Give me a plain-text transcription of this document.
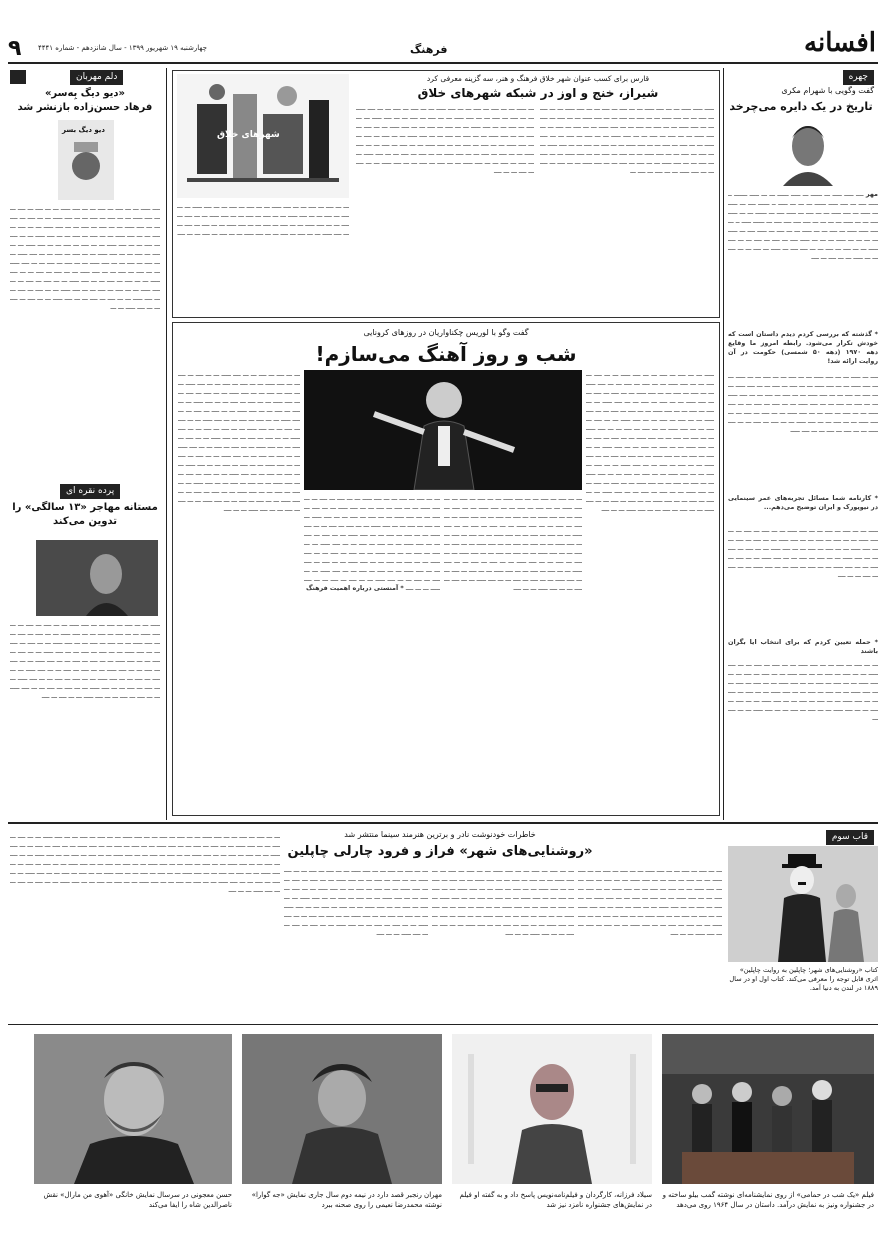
۹ چهارشنبه ۱۹ شهریور ۱۳۹۹ - سال شانزدهم - شماره ۴۴۴۱	فرهنگ	افسانه
چهره
گفت وگویی با شهرام مکری
تاریخ در یک دایره می‌چرخد
مهر ــــ ـــــ ـــــ ـــ ــــــ ـــ ـــــ ــــــ ـــ ـــ ـــــ ـــــــ ــ ـــــ ــــ ـــ ــــ ـــــ ــــــ ـــ ـــ ـــ ـــــ ــ ــــــ ــــ ـــ ـــــ ـــ ـــــ ـــ ــــ ـــــ ـــ ـــ ــــ ـــ ـــــ ــــ ـــ ــــــ ـــ ـــ ـــــ ــــ ـــ ـــ ـــــ ـــ ـــ ـــ ـــ ــــ ــــ ــــ ــــ ـــ ــــــ ـــــ ــ ـــ ــــ ـــــ ـــــ ـــ ــــ ـــ ـــ ـــــ ـــ ـــ ــــ ـــ ـــــ ــــ ـــ ـــــ ـــ ـــ ـــ ـــ ـــــ ـــ ـــ ـــ ـــــ ــــ ـــ ــــ ـــ ــــ ـــ ـــ ــــ ـــــ ـــ ـــ ــــ ـــ ــــ ـــ ـــ ــــ ــــ ـــ ـــــ ـــ ــــ ـــ ـــ ــــ ـــ ـــ ـــــ ـــ ـــ ــــ ـــ ــــ
* گذشته که بررسی کردم دیدم داستان است که خودش تکرار می‌شود. رابطه امروز ما وقایع دهه ۱۹۷۰ (دهه ۵۰ شمسی) حکومت در آن روایت ارائه شد!
ــــ ـــ ـــــ ـــ ـــ ــــ ـــــ ـــ ـــ ــــ ـــ ـــ ــــ ـــ ـــ ـــــ ـــ ـــ ــــ ـــــ ـــ ـــ ــــ ـــــ ـــ ـــ ــــ ـــ ــــ ـــ ـــ ــــ ـــــ ـــ ـــ ــــ ـــ ــــ ـــ ـــ ــــ ـــــ ـــ ـــ ــــ ـــ ــــ ـــ ـــ ــــ ـــــ ـــ ـــ ــــ ـــ ــــ ـــ ـــ ــــ ـــــ ـــ ـــ ــــ ـــ ــــ ـــ ـــ ــــ ـــــ ـــ ـــ ــــ ـــ ــــ ـــ ـــ ــــ ـــــ ـــ ـــ ــــ ـــ ــــ ـــ ـــ ــــ ـــــ ـــ ـــ ــــ ـــ ـــ ــــ ـــــ ـــ ـــ ــــ ـــ ــــ ـــ ـــ ــــ ـــــ ـــ ـــ ــــ ـــ ــــ ـــ ـــ ــــ ـــــ
* کارنامه شما مسائل تجربه‌های عمر سینمایی در نیویورک و ایران توضیح می‌دهم...
ـــــ ـــ ـــ ــــ ـــ ــــ ـــ ـــ ــــ ـــــ ـــ ـــ ــــ ـــ ــــ ـــ ـــ ــــ ـــــ ـــ ـــ ــــ ـــ ــــ ـــ ـــ ــــ ـــــ ـــ ـــ ــــ ـــ ــــ ـــ ـــ ــــ ـــــ ـــ ـــ ــــ ـــ ــــ ـــ ـــ ــــ ـــــ ـــ ـــ ــــ ـــ ــــ ـــ ـــ ــــ ـــــ ـــ ـــ ــــ ـــ ــــ ـــ ـــ ــــ ـــــ ـــ ـــ ــــ ـــ ــــ ـــ ـــ ــــ ـــــ ـــ ـــ ــــ ـــ ــــ ـــ ـــ ــــ ـــــ ـــ ـــ ــــ ـــ ــــ ـــ ـــ ــــ
* حمله تعیین کردم که برای انتخاب ایا بگران باشند
ـــ ـــ ــــ ـــ ــــ ـــ ـــ ــــ ـــــ ـــ ـــ ــــ ـــ ــــ ـــ ـــ ــــ ـــــ ـــ ـــ ــــ ـــ ــــ ـــ ـــ ــــ ـــــ ـــ ـــ ــــ ـــ ــــ ـــ ـــ ــــ ـــــ ـــ ـــ ــــ ـــ ــــ ـــ ـــ ــــ ـــــ ـــ ـــ ــــ ـــ ــــ ـــ ـــ ــــ ـــــ ـــ ـــ ــــ ـــ ــــ ـــ ـــ ــــ ـــــ ـــ ـــ ــــ ـــ ــــ ـــ ـــ ــــ ـــــ ـــ ـــ ــــ ـــ ــــ ـــ ـــ ــــ ـــــ ـــ ـــ ــــ ـــ ــــ ـــ ـــ ــــ ـــــ ـــ ـــ ــــ ـــ ــــ ـــ ـــ ــــ ـــــ ـــ ـــ ــــ ـــ
قارس برای کسب عنوان شهر خلاق فرهنگ و هنر، سه گزینه معرفی کرد
شیراز، خنج و اوز در شبکه شهرهای خلاق
شهرهای خلاق
ـــــ ـــــ ـــــ ـــ ـــ ــــ ـــــ ـــ ـــ ــــ ـــ ــــ ـــ ـــ ــــ ـــــ ـــ ـــ ــــ ـــ ــــ ـــ ـــ ــــ ـــــ ـــ ـــ ــــ ـــ ــــ ـــ ـــ ــــ ـــــ ـــ ـــ ــــ ـــ ــــ ـــ ـــ ــــ ـــــ ـــ ـــ ــــ ـــ ــــ ـــ ـــ ــــ ـــــ ـــ ـــ ــــ ـــ ــــ ـــ ـــ ــــ ـــــ ـــ ـــ ــــ ـــ ــــ ـــ ـــ ــــ ـــــ ـــ ـــ ــــ ـــ ــــ ـــ ـــ ــــ ـــــ ـــ ـــ ــــ ـــ ــــ ـــ ـــ ــــ ـــــ ـــ ـــ ــــ ـــ ــــ ـــ ـــ ــــ ـــــ ـــ ـــ ــــ ـــ ــــ ـــ ـــ ــــ ـــــ ـــ ـــ ــــ ـــ ــــ ـــ ـــ ــــ ـــــ ـــ ـــ ــــ ـــ ــــ ـــ ـــ ــــ ـــــ ـــ ـــ ــــ ـــ ــــ ـــ ـــ ــــ ـــــ ـــ ـــ ــــ ـــ ــــ ـــ ـــ ــــ ـــــ ـــ ـــ ــــ ـــ ــــ ـــ
ـــ ـــــ ـــ ـــ ــــ ـــ ــــ ـــ ـــ ــــ ـــــ ـــ ـــ ــــ ـــ ــــ ـــ ـــ ــــ ـــــ ـــ ـــ ــــ ـــ ــــ ـــ ـــ ــــ ـــــ ـــ ـــ ــــ ـــ ــــ ـــ ـــ ــــ ـــــ ـــ ـــ ــــ ـــ ــــ ـــ ـــ ــــ ـــــ ـــ ـــ ــــ ـــ ــــ ـــ ـــ ــــ ـــــ ـــ ـــ ــــ ـــ ــــ ـــ ـــ ــــ ـــــ ـــ ـــ ــــ ـــ ــــ ـــ ـــ ــــ ـــــ ـــ ـــ ــــ ـــ ــــ ـــ ـــ ــــ ـــــ ـــ ـــ ــــ ـــ ــــ ـــ ـــ ــــ ـــــ ـــ ـــ ــــ ـــ ــــ ـــ ـــ ــــ ـــــ ـــ ـــ ــــ ـــ ــــ ـــ ـــ ــــ ـــــ ـــ ـــ ــــ ـــ ــــ ـــ ـــ ــــ ـــــ ـــ ـــ ــــ ـــ ــــ ـــ ـــ ــــ ـــــ ـــ ـــ ــــ ـــ ــــ ـــ ـــ ــــ ـــــ ـــ ـــ ــــ ـــ ــــ ـــ ـــ ــــ
ـــ ـــ ــــ ـــ ــــ ـــ ـــ ــــ ـــــ ـــ ـــ ــــ ـــ ــــ ـــ ـــ ــــ ـــــ ـــ ـــ ــــ ـــ ــــ ـــ ـــ ــــ ـــــ ـــ ـــ ــــ ـــ ــــ ـــ ـــ ــــ ـــــ ـــ ـــ ــــ ـــ ــــ ـــ ـــ ــــ ـــــ ـــ ـــ ــــ ـــ ــــ ـــ ـــ ــــ ـــــ ـــ ـــ ــــ ـــ ــــ ـــ ـــ ــــ ـــــ ـــ ـــ ــــ ـــ ــــ ـــ ـــ ــــ ـــــ ـــ ـــ ــــ ـــ ــــ ـــ ـــ ــــ
دلم مهربان
«دیو دیگ بِه‌سر»
فرهاد حسن‌زاده بازنشر شد
دیو دیگ بسر
ــــ ـــــ ـــ ـــ ــــ ـــ ــــ ـــ ـــ ــــ ـــــ ـــ ـــ ــــ ـــ ــــ ـــ ـــ ــــ ـــــ ـــ ـــ ــــ ـــ ــــ ـــ ـــ ــــ ـــــ ـــ ـــ ــــ ـــ ــــ ـــ ـــ ــــ ـــــ ـــ ـــ ــــ ـــ ــــ ـــ ـــ ــــ ـــــ ـــ ـــ ــــ ـــ ــــ ـــ ـــ ــــ ـــــ ـــ ـــ ــــ ـــ ــــ ـــ ـــ ــــ ـــــ ـــ ـــ ــــ ـــ ــــ ـــ ـــ ــــ ـــــ ـــ ـــ ــــ ـــ ــــ ـــ ـــ ــــ ـــــ ـــ ـــ ــــ ـــ ــــ ـــ ـــ ــــ ـــــ ـــ ـــ ــــ ـــ ــــ ـــ ـــ ــــ ـــــ ـــ ـــ ــــ ـــ ــــ ـــ ـــ ــــ ـــــ ـــ ـــ ــــ ـــ ــــ ـــ ـــ ــــ ـــــ ـــ ـــ ــــ ـــ ــــ ـــ ـــ ــــ ـــــ ـــ ـــ ــــ ـــ ــــ ـــ ـــ ــــ ـــــ ـــ ـــ ــــ ـــ ــــ ـــ ـــ ــــ ـــــ ـــ ـــ ــــ ـــ ــــ ـــ ـــ ــــ ـــــ ـــ ـــ ــــ ـــ ــــ ـــ ـــ ــــ ـــــ ـــ ـــ ــــ ـــ ــــ ـــ ـــ ــــ ـــــ ـــ ـــ ــــ ـــ ــــ ـــ ـــ ــــ ـــــ ـــ ـــ ــــ ـــ ــــ ـــ ـــ ــــ ـــــ ـــ ـــ
پرده نقره ای
مستانه مهاجر «۱۳ سالگی» را
تدوین می‌کند
ـــــ ـــ ـــ ــــ ـــ ــــ ـــ ـــ ــــ ـــــ ـــ ـــ ــــ ـــ ــــ ـــ ـــ ــــ ـــــ ـــ ـــ ــــ ـــ ــــ ـــ ـــ ــــ ـــــ ـــ ـــ ــــ ـــ ــــ ـــ ـــ ــــ ـــــ ـــ ـــ ــــ ـــ ــــ ـــ ـــ ــــ ـــــ ـــ ـــ ــــ ـــ ــــ ـــ ـــ ــــ ـــــ ـــ ـــ ــــ ـــ ــــ ـــ ـــ ــــ ـــــ ـــ ـــ ــــ ـــ ــــ ـــ ـــ ــــ ـــــ ـــ ـــ ــــ ـــ ــــ ـــ ـــ ــــ ـــــ ـــ ـــ ــــ ـــ ــــ ـــ ـــ ــــ ـــــ ـــ ـــ ــــ ـــ ــــ ـــ ـــ ــــ ـــــ ـــ ـــ ــــ ـــ ــــ ـــ ـــ ــــ ـــــ ـــ ـــ ــــ ـــ ــــ ـــ ـــ ــــ ـــــ ـــ ـــ ــــ ـــ ــــ ـــ ـــ ــــ ـــــ ـــ ـــ ــــ ـــ ــــ ـــ ـــ ــــ ـــــ ـــ ـــ ــــ ـــ ــــ ـــ ـــ ــــ ـــــ ـــ ـــ ــــ ـــ ــــ
گفت وگو با لوریس چکناواریان در روزهای کرونایی
شب و روز آهنگ می‌سازم!
ـــــ ـــ ـــ ــــ ـــ ــــ ـــ ـــ ــــ ـــــ ـــ ـــ ــــ ـــ ــــ ـــ ـــ ــــ ـــــ ـــ ـــ ــــ ـــ ــــ ـــ ـــ ــــ ـــــ ـــ ـــ ــــ ـــ ــــ ـــ ـــ ــــ ـــــ ـــ ـــ ــــ ـــ ــــ ـــ ـــ ــــ ـــــ ـــ ـــ ــــ ـــ ــــ ـــ ـــ ــــ ـــــ ـــ ـــ ــــ ـــ ــــ ـــ ـــ ــــ ـــــ ـــ ـــ ــــ ـــ ــــ ـــ ـــ ــــ ـــــ ـــ ـــ ــــ ـــ ــــ ـــ ـــ ــــ ـــــ ـــ ـــ ــــ ـــ ــــ ـــ ـــ ــــ ـــــ ـــ ـــ ــــ ـــ ــــ ـــ ـــ ــــ ـــــ ـــ ـــ ــــ ـــ ــــ ـــ ـــ ــــ ـــــ ـــ ـــ ــــ ـــ ــــ ـــ ـــ ــــ ـــــ ـــ ـــ ــــ ـــ ــــ ـــ ـــ ــــ ـــــ ـــ ـــ ــــ ـــ ــــ ـــ ـــ ــــ ـــــ ـــ ـــ ــــ ـــ ــــ ـــ ـــ ــــ ـــــ ـــ ـــ ــــ ـــ ــــ ـــ ـــ ــــ ـــــ ـــ ـــ ــــ ـــ ــــ ـــ ـــ ــــ ـــــ ـــ ـــ ــــ ـــ ــــ ـــ ـــ ــــ ـــــ ـــ ـــ ــــ ـــ ــــ ـــ ـــ ــــ ـــــ ـــ ـــ ــــ ـــ ــــ ـــ ـــ ــــ ـــــ ـــ ـــ ــــ ـــ ــــ ـــ ـــ ــــ ـــــ ـــ ـــ ــــ ـــ ــــ ـــ ـــ ــــ ـــــ ـــ ـــ ــــ ـــ ــــ ـــ ـــ ــــ ـــــ ـــ ـــ ــــ ـــ ــــ ـــ ـــ ــــ ـــــ ـــ ـــ ــــ
ـــ ـــ ــــ ـــ ــــ ـــ ـــ ــــ ـــــ ـــ ـــ ــــ ـــ ــــ ـــ ـــ ــــ ـــــ ـــ ـــ ــــ ـــ ــــ ـــ ـــ ــــ ـــــ ـــ ـــ ــــ ـــ ــــ ـــ ـــ ــــ ـــــ ـــ ـــ ــــ ـــ ــــ ـــ ـــ ــــ ـــــ ـــ ـــ ــــ ـــ ــــ ـــ ـــ ــــ ـــــ ـــ ـــ ــــ ـــ ــــ ـــ ـــ ــــ ـــــ ـــ ـــ ــــ ـــ ــــ ـــ ـــ ــــ ـــــ ـــ ـــ ــــ ـــ ــــ ـــ ـــ ــــ ـــــ ـــ ـــ ــــ ـــ ــــ ـــ ـــ ــــ ـــــ ـــ ـــ ــــ ـــ ــــ ـــ ـــ ــــ ـــــ ـــ ـــ ــــ ـــ ــــ ـــ ـــ ــــ ـــــ ـــ ـــ ــــ ـــ ــــ ـــ ـــ ــــ ـــــ ـــ ـــ ــــ ـــ ــــ ـــ ـــ ــــ ـــــ ـــ ـــ ــــ ـــ ــــ ـــ ـــ ــــ ـــــ ـــ ـــ ــــ ـــ ــــ ـــ ـــ ــــ ـــــ ـــ ـــ ــــ ـــ ــــ ـــ ـــ ــــ ـــــ ـــ ـــ ــــ ـــ ــــ ـــ ـــ ــــ ـــــ ـــ ـــ ــــ ـــ ــــ ـــ ـــ ــــ ـــــ ـــ ـــ ــــ ـــ ــــ ـــ ـــ ــــ ـــــ ـــ ـــ ــــ ـــ ــــ ـــ ـــ ــــ ـــــ ـــ ـــ ــــ ـــ ــــ ـــ ـــ ــــ ـــــ ـــ ـــ ــــ ـــ ــــ ـــ ـــ ــــ ـــــ ـــ ـــ ــــ ـــ ــــ ـــ ـــ ــــ ـــــ ـــ ـــ ــــ
ـــ ـــ ــــ ـــ ــــ ـــ ـــ ــــ ـــــ ـــ ـــ ــــ ـــ ــــ ـــ ـــ ــــ ـــــ ـــ ـــ ــــ ـــ ــــ ـــ ـــ ــــ ـــــ ـــ ـــ ــــ ـــ ــــ ـــ ـــ ــــ ـــــ ـــ ـــ ــــ ـــ ــــ ـــ ـــ ــــ ـــــ ـــ ـــ ــــ ـــ ــــ ـــ ـــ ــــ ـــــ ـــ ـــ ــــ ـــ ــــ ـــ ـــ ــــ ـــــ ـــ ـــ ــــ ـــ ــــ ـــ ـــ ــــ ـــــ ـــ ـــ ــــ ـــ ــــ ـــ ـــ ــــ ـــــ ـــ ـــ ــــ ـــ ــــ ـــ ـــ ــــ ـــــ ـــ ـــ ــــ ـــ ــــ ـــ ـــ ــــ ـــــ ـــ ـــ ــــ ـــ ــــ ـــ ـــ ــــ ـــــ ـــ ـــ ــــ ـــ ــــ ـــ ـــ ــــ ـــــ ـــ ـــ ــــ ـــ ــــ ـــ ـــ ــــ ـــــ ـــ ـــ ــــ ـــ ــــ ـــ ـــ ــــ ـــــ ـــ ـــ ــــ ـــ ــــ ـــ ـــ ــــ ـــــ ـــ ـــ ــــ ـــ ــــ ـــ ـــ ــــ ـــــ ـــ ـــ ــــ * آمنستی درباره اهمیت فرهنگ
ـــ ـــ ــــ ـــ ــــ ـــ ـــ ــــ ـــــ ـــ ـــ ــــ ـــ ــــ ـــ ـــ ــــ ـــــ ـــ ـــ ــــ ـــ ــــ ـــ ـــ ــــ ـــــ ـــ ـــ ــــ ـــ ــــ ـــ ـــ ــــ ـــــ ـــ ـــ ــــ ـــ ــــ ـــ ـــ ــــ ـــــ ـــ ـــ ــــ ـــ ــــ ـــ ـــ ــــ ـــــ ـــ ـــ ــــ ـــ ــــ ـــ ـــ ــــ ـــــ ـــ ـــ ــــ ـــ ــــ ـــ ـــ ــــ ـــــ ـــ ـــ ــــ ـــ ــــ ـــ ـــ ــــ ـــــ ـــ ـــ ــــ ـــ ــــ ـــ ـــ ــــ ـــــ ـــ ـــ ــــ ـــ ــــ ـــ ـــ ــــ ـــــ ـــ ـــ ــــ ـــ ــــ ـــ ـــ ــــ ـــــ ـــ ـــ ــــ ـــ ــــ ـــ ـــ ــــ ـــــ ـــ ـــ ــــ ـــ ــــ ـــ ـــ ــــ ـــــ ـــ ـــ ــــ ـــ ــــ ـــ ـــ ــــ ـــــ ـــ ـــ ــــ ـــ ــــ ـــ ـــ ــــ ـــــ ـــ ـــ ــــ ـــ ــــ ـــ ـــ ــــ ـــــ ـــ ـــ ــــ ـــ ــــ ـــ ـــ ــــ ـــــ ـــ ـــ ــــ
قاب سوم
خاطرات خودنوشت نادر و برترین هنرمند سینما منتشر شد
«روشنایی‌های شهر» فراز و فرود چارلی چاپلین
کتاب «روشنایی‌های شهر؛ چاپلین به روایت چاپلین» اثری قابل توجه را معرفی می‌کند. کتاب اول او در سال ۱۸۸۹ در لندن به دنیا آمد.
ـــ ـــ ــــ ـــ ــــ ـــ ـــ ــــ ـــــ ـــ ـــ ــــ ـــ ــــ ـــ ـــ ــــ ـــــ ـــ ـــ ــــ ـــ ــــ ـــ ـــ ــــ ـــــ ـــ ـــ ــــ ـــ ــــ ـــ ـــ ــــ ـــــ ـــ ـــ ــــ ـــ ــــ ـــ ـــ ــــ ـــــ ـــ ـــ ــــ ـــ ــــ ـــ ـــ ــــ ـــــ ـــ ـــ ــــ ـــ ــــ ـــ ـــ ــــ ـــــ ـــ ـــ ــــ ـــ ــــ ـــ ـــ ــــ ـــــ ـــ ـــ ــــ ـــ ــــ ـــ ـــ ــــ ـــــ ـــ ـــ ــــ ـــ ــــ ـــ ـــ ــــ ـــــ ـــ ـــ ــــ ـــ ــــ ـــ ـــ ــــ ـــــ ـــ ـــ ــــ ـــ ــــ ـــ ـــ ــــ ـــــ ـــ ـــ ــــ ـــ ــــ ـــ ـــ ــــ ـــــ ـــ ـــ ــــ
ـــ ـــ ــــ ـــ ــــ ـــ ـــ ــــ ـــــ ـــ ـــ ــــ ـــ ــــ ـــ ـــ ــــ ـــــ ـــ ـــ ــــ ـــ ــــ ـــ ـــ ــــ ـــــ ـــ ـــ ــــ ـــ ــــ ـــ ـــ ــــ ـــــ ـــ ـــ ــــ ـــ ــــ ـــ ـــ ــــ ـــــ ـــ ـــ ــــ ـــ ــــ ـــ ـــ ــــ ـــــ ـــ ـــ ــــ ـــ ــــ ـــ ـــ ــــ ـــــ ـــ ـــ ــــ ـــ ــــ ـــ ـــ ــــ ـــــ ـــ ـــ ــــ ـــ ــــ ـــ ـــ ــــ ـــــ ـــ ـــ ــــ ـــ ــــ ـــ ـــ ــــ ـــــ ـــ ـــ ــــ ـــ ــــ ـــ ـــ ــــ ـــــ ـــ ـــ ــــ ـــ ــــ ـــ ـــ ــــ ـــــ ـــ ـــ ــــ ـــ ــــ ـــ ـــ ــــ ـــــ ـــ ـــ ــــ
ـــ ـــ ــــ ـــ ــــ ـــ ـــ ــــ ـــــ ـــ ـــ ــــ ـــ ــــ ـــ ـــ ــــ ـــــ ـــ ـــ ــــ ـــ ــــ ـــ ـــ ــــ ـــــ ـــ ـــ ــــ ـــ ــــ ـــ ـــ ــــ ـــــ ـــ ـــ ــــ ـــ ــــ ـــ ـــ ــــ ـــــ ـــ ـــ ــــ ـــ ــــ ـــ ـــ ــــ ـــــ ـــ ـــ ــــ ـــ ــــ ـــ ـــ ــــ ـــــ ـــ ـــ ــــ ـــ ــــ ـــ ـــ ــــ ـــــ ـــ ـــ ــــ ـــ ــــ ـــ ـــ ــــ ـــــ ـــ ـــ ــــ ـــ ــــ ـــ ـــ ــــ ـــــ ـــ ـــ ــــ ـــ ــــ ـــ ـــ ــــ ـــــ ـــ ـــ ــــ ـــ ــــ ـــ ـــ ــــ ـــــ ـــ ـــ ــــ ـــ ــــ ـــ ـــ ــــ ـــــ ـــ ـــ ــــ
ـــ ـــ ــــ ـــ ــــ ـــ ـــ ــــ ـــــ ـــ ـــ ــــ ـــ ــــ ـــ ـــ ــــ ـــــ ـــ ـــ ــــ ـــ ــــ ـــ ـــ ــــ ـــــ ـــ ـــ ــــ ـــ ــــ ـــ ـــ ــــ ـــــ ـــ ـــ ــــ ـــ ــــ ـــ ـــ ــــ ـــــ ـــ ـــ ــــ ـــ ــــ ـــ ـــ ــــ ـــــ ـــ ـــ ــــ ـــ ــــ ـــ ـــ ــــ ـــــ ـــ ـــ ــــ ـــ ــــ ـــ ـــ ــــ ـــــ ـــ ـــ ــــ ـــ ــــ ـــ ـــ ــــ ـــــ ـــ ـــ ــــ ـــ ــــ ـــ ـــ ــــ ـــــ ـــ ـــ ــــ ـــ ــــ ـــ ـــ ــــ ـــــ ـــ ـــ ــــ ـــ ــــ ـــ ـــ ــــ ـــــ ـــ ـــ ــــ ـــ ــــ ـــ ـــ ــــ ـــــ ـــ ـــ ــــ ـــ ــــ ـــ ـــ ــــ ـــــ ـــ ـــ ــــ ـــ ــــ ـــ ـــ ــــ ـــــ ـــ ـــ ــــ ـــ ــــ ـــ ـــ ــــ ـــــ ـــ ـــ ــــ ـــ ــــ ـــ ـــ ــــ ـــــ ـــ ـــ ــــ ـــ ــــ ـــ ـــ ــــ ـــــ ـــ ـــ ــــ ـــ ــــ ـــ ـــ ــــ ـــــ ـــ ـــ ــــ ـــ ــــ ـــ ـــ ــــ ـــــ ـــ ـــ ــــ ـــ ــــ ـــ ـــ ــــ ـــــ ـــ ـــ ــــ
فیلم «یک شب در حمامی» از روی نمایشنامه‌ای نوشته گمب‌ بیلو ساخته و در جشنواره ونیز به نمایش درآمد. داستان در سال ۱۹۶۴ روی می‌دهد
سیلاد فرزانه، کارگردان و فیلم‌نامه‌نویس پاسخ داد و به گفته او فیلم در نمایش‌های جشنواره نامزد نیز شد
مهران رنجبر قصد دارد در نیمه دوم سال جاری نمایش «جه گوارا» نوشته محمدرضا نعیمی را روی صحنه ببرد
حسن معجونی در سرسال نمایش خانگی «آهوی من مارال» نقش ناصرالدین شاه را ایفا می‌کند
